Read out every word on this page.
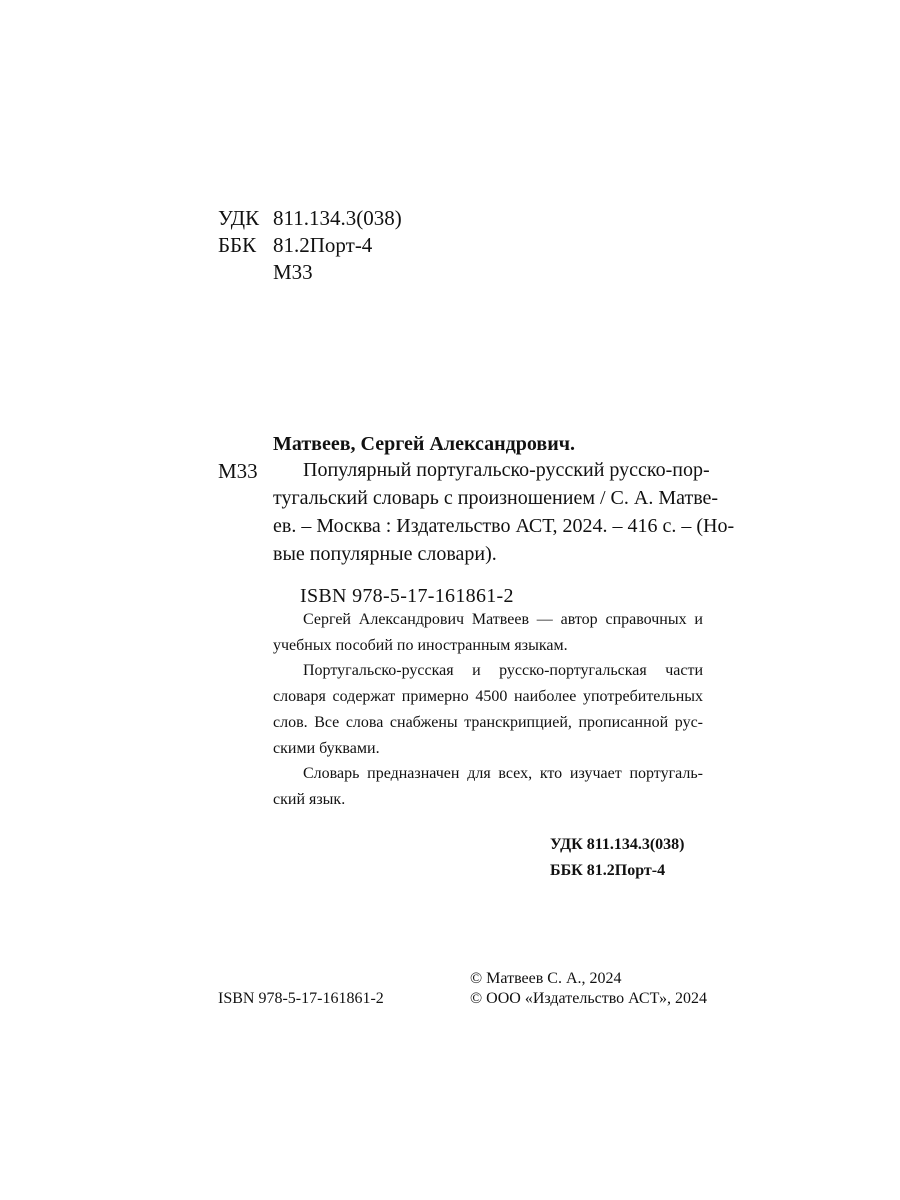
УДК 811.134.3(038)
ББК 81.2Порт-4
М33
Матвеев, Сергей Александрович.
М33	Популярный португальско-русский русско-пор-
тугальский словарь с произношением / С. А. Матве-
ев. – Москва : Издательство АСТ, 2024. – 416 с. – (Но-
вые популярные словари).
ISBN 978-5-17-161861-2
Сергей Александрович Матвеев — автор справочных и
учебных пособий по иностранным языкам.
Португальско-русская и русско-португальская части
словаря содержат примерно 4500 наиболее употребительных
слов. Все слова снабжены транскрипцией, прописанной рус-
скими буквами.
Словарь предназначен для всех, кто изучает португаль-
ский язык.
УДК 811.134.3(038)
ББК 81.2Порт-4
ISBN 978-5-17-161861-2
© Матвеев С. А., 2024
© ООО «Издательство АСТ», 2024
